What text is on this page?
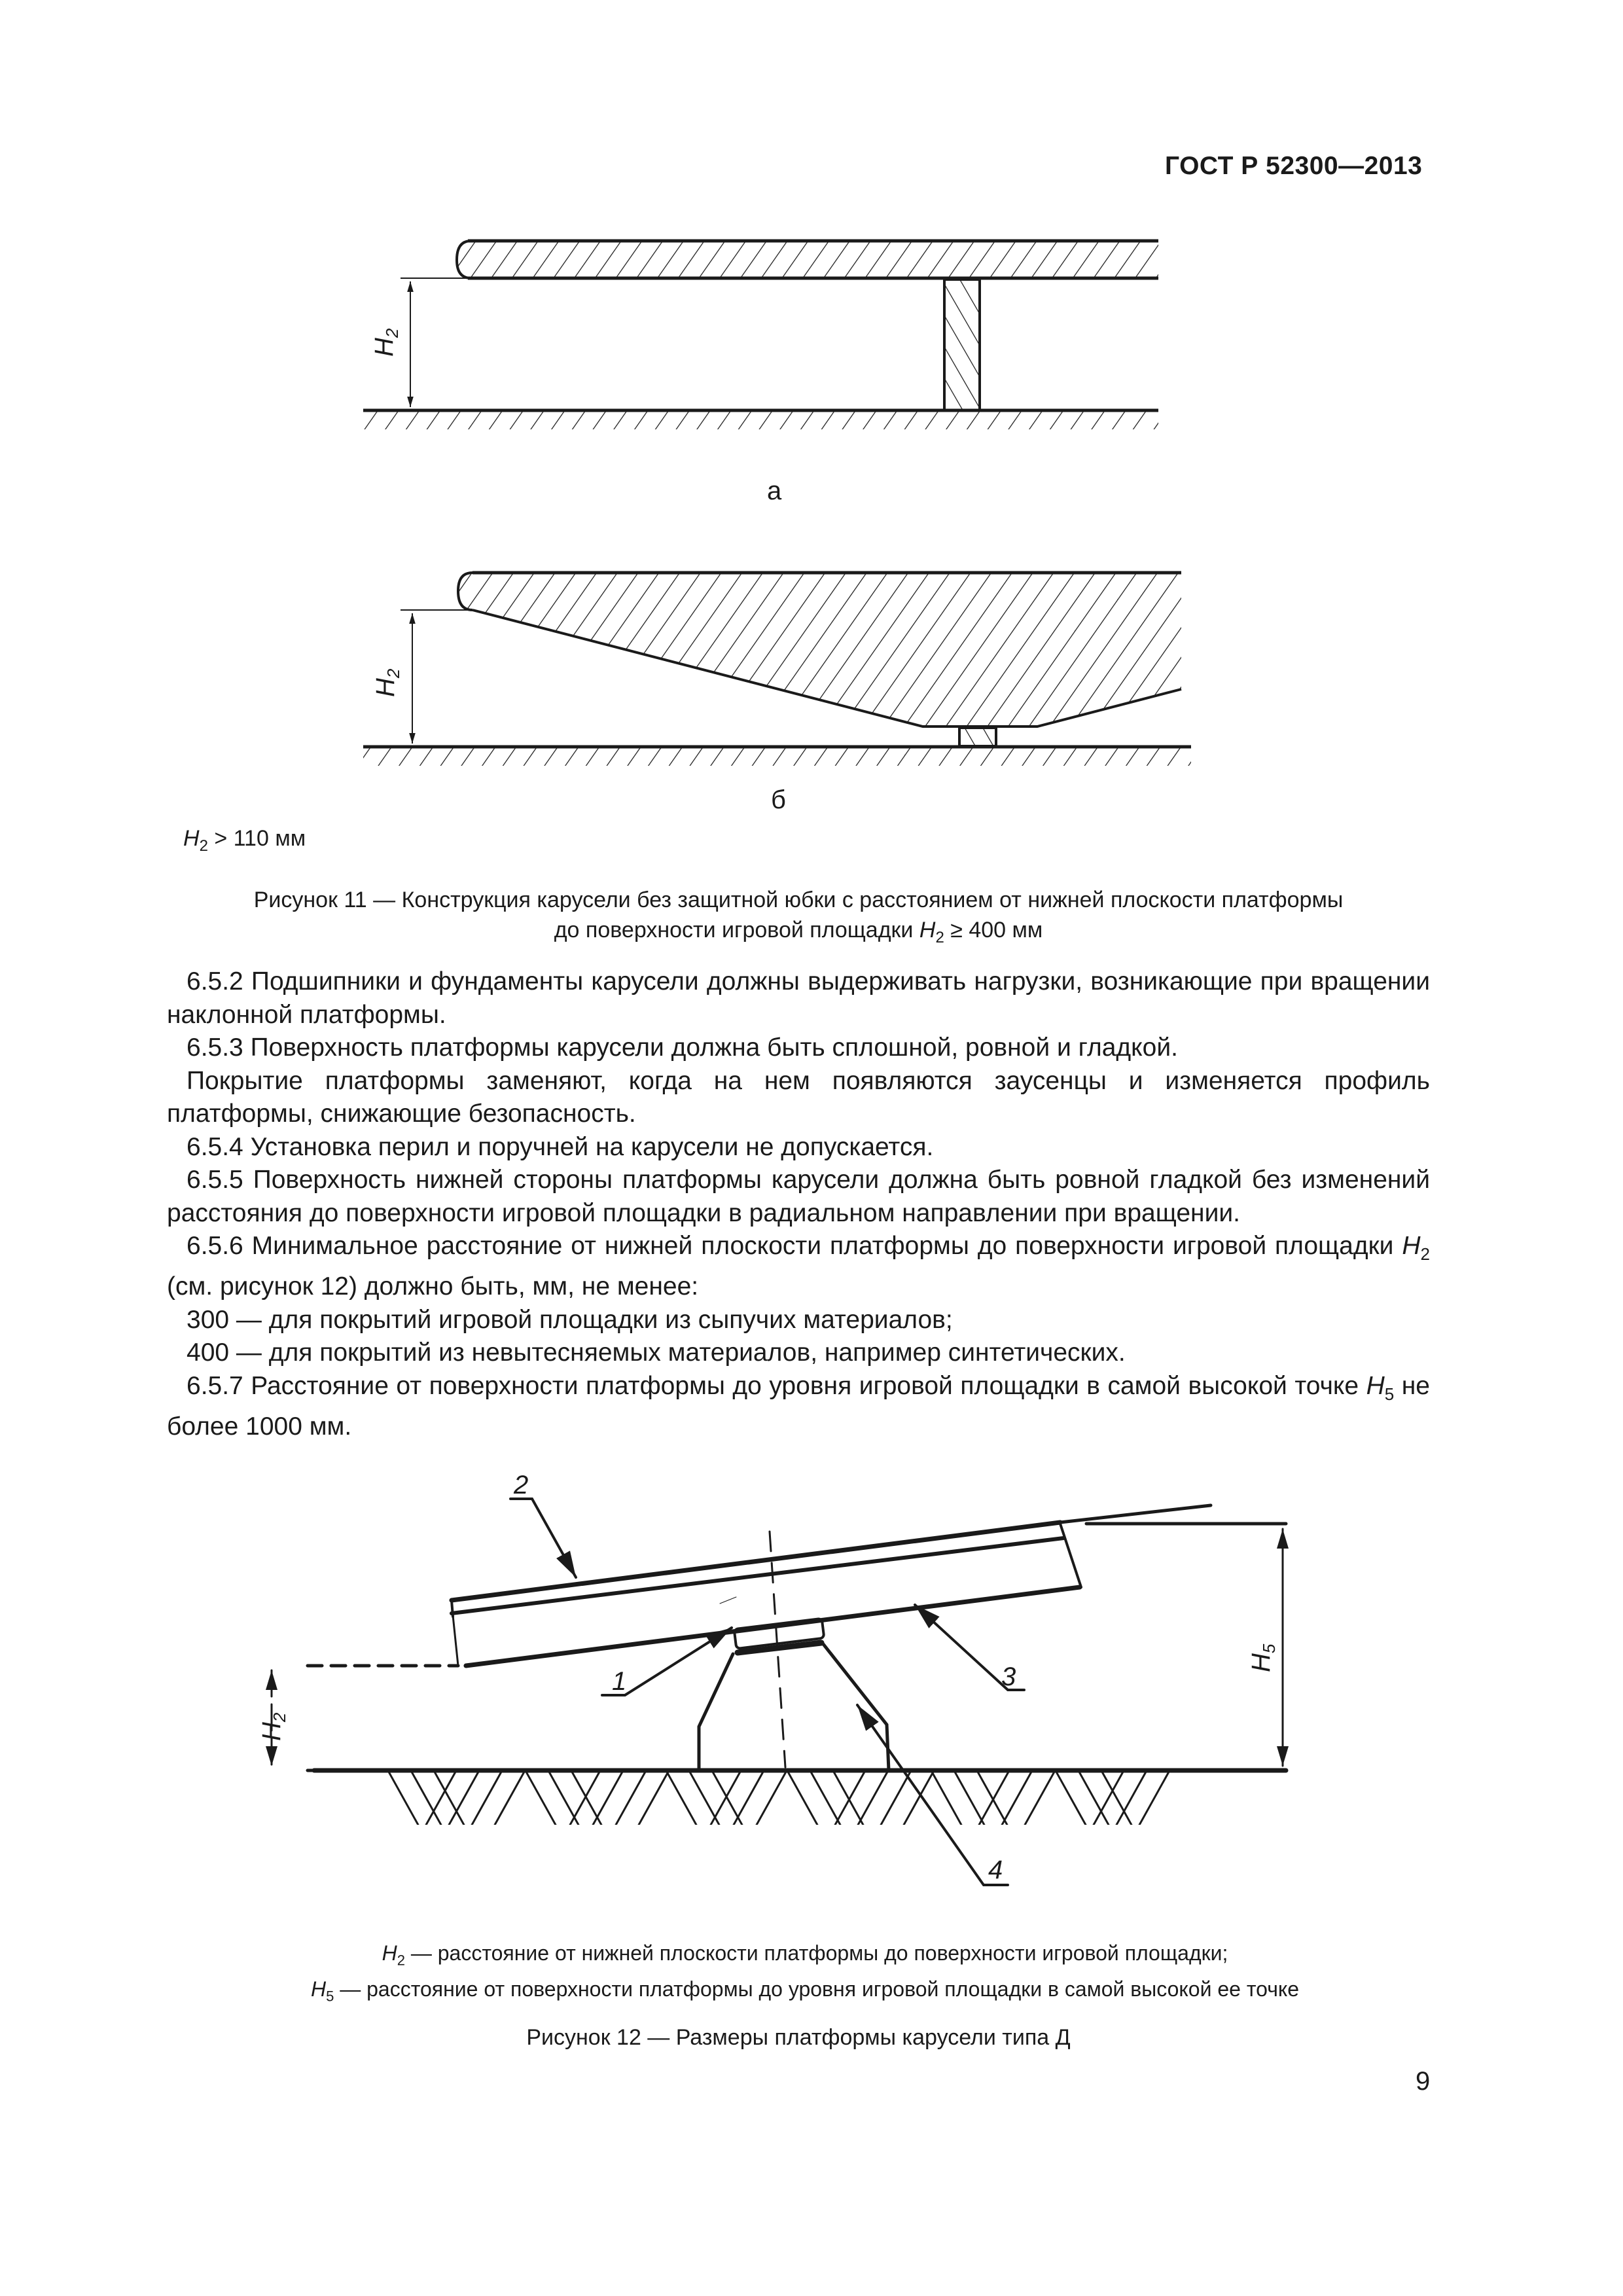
ГОСТ Р 52300—2013
$H_2$
$H_2$
а
б
$H_2 > 110$ мм
Рисунок 11 — Конструкция карусели без защитной юбки с расстоянием от нижней плоскости платформы
до поверхности игровой площадки $H_2 \ge 400$ мм

6.5.2 Подшипники и фундаменты карусели должны выдерживать нагрузки, возникающие при вращении наклонной платформы.

6.5.3 Поверхность платформы карусели должна быть сплошной, ровной и гладкой.

Покрытие платформы заменяют, когда на нем появляются заусенцы и изменяется профиль платформы, снижающие безопасность.

6.5.4 Установка перил и поручней на карусели не допускается.

6.5.5 Поверхность нижней стороны платформы карусели должна быть ровной гладкой без изменений расстояния до поверхности игровой площадки в радиальном направлении при вращении.

6.5.6 Минимальное расстояние от нижней плоскости платформы до поверхности игровой площадки $H_2$ (см. рисунок 12) должно быть, мм, не менее:

300 — для покрытий игровой площадки из сыпучих материалов;

400 — для покрытий из невытесняемых материалов, например синтетических.

6.5.7 Расстояние от поверхности платформы до уровня игровой площадки в самой высокой точке $H_5$ не более 1000 мм.

2
1	3
4
$H_2$
$H_5$
$H_2$ — расстояние от нижней плоскости платформы до поверхности игровой площадки;
$H_5$ — расстояние от поверхности платформы до уровня игровой площадки в самой высокой ее точке
Рисунок 12 — Размеры платформы карусели типа Д
9
